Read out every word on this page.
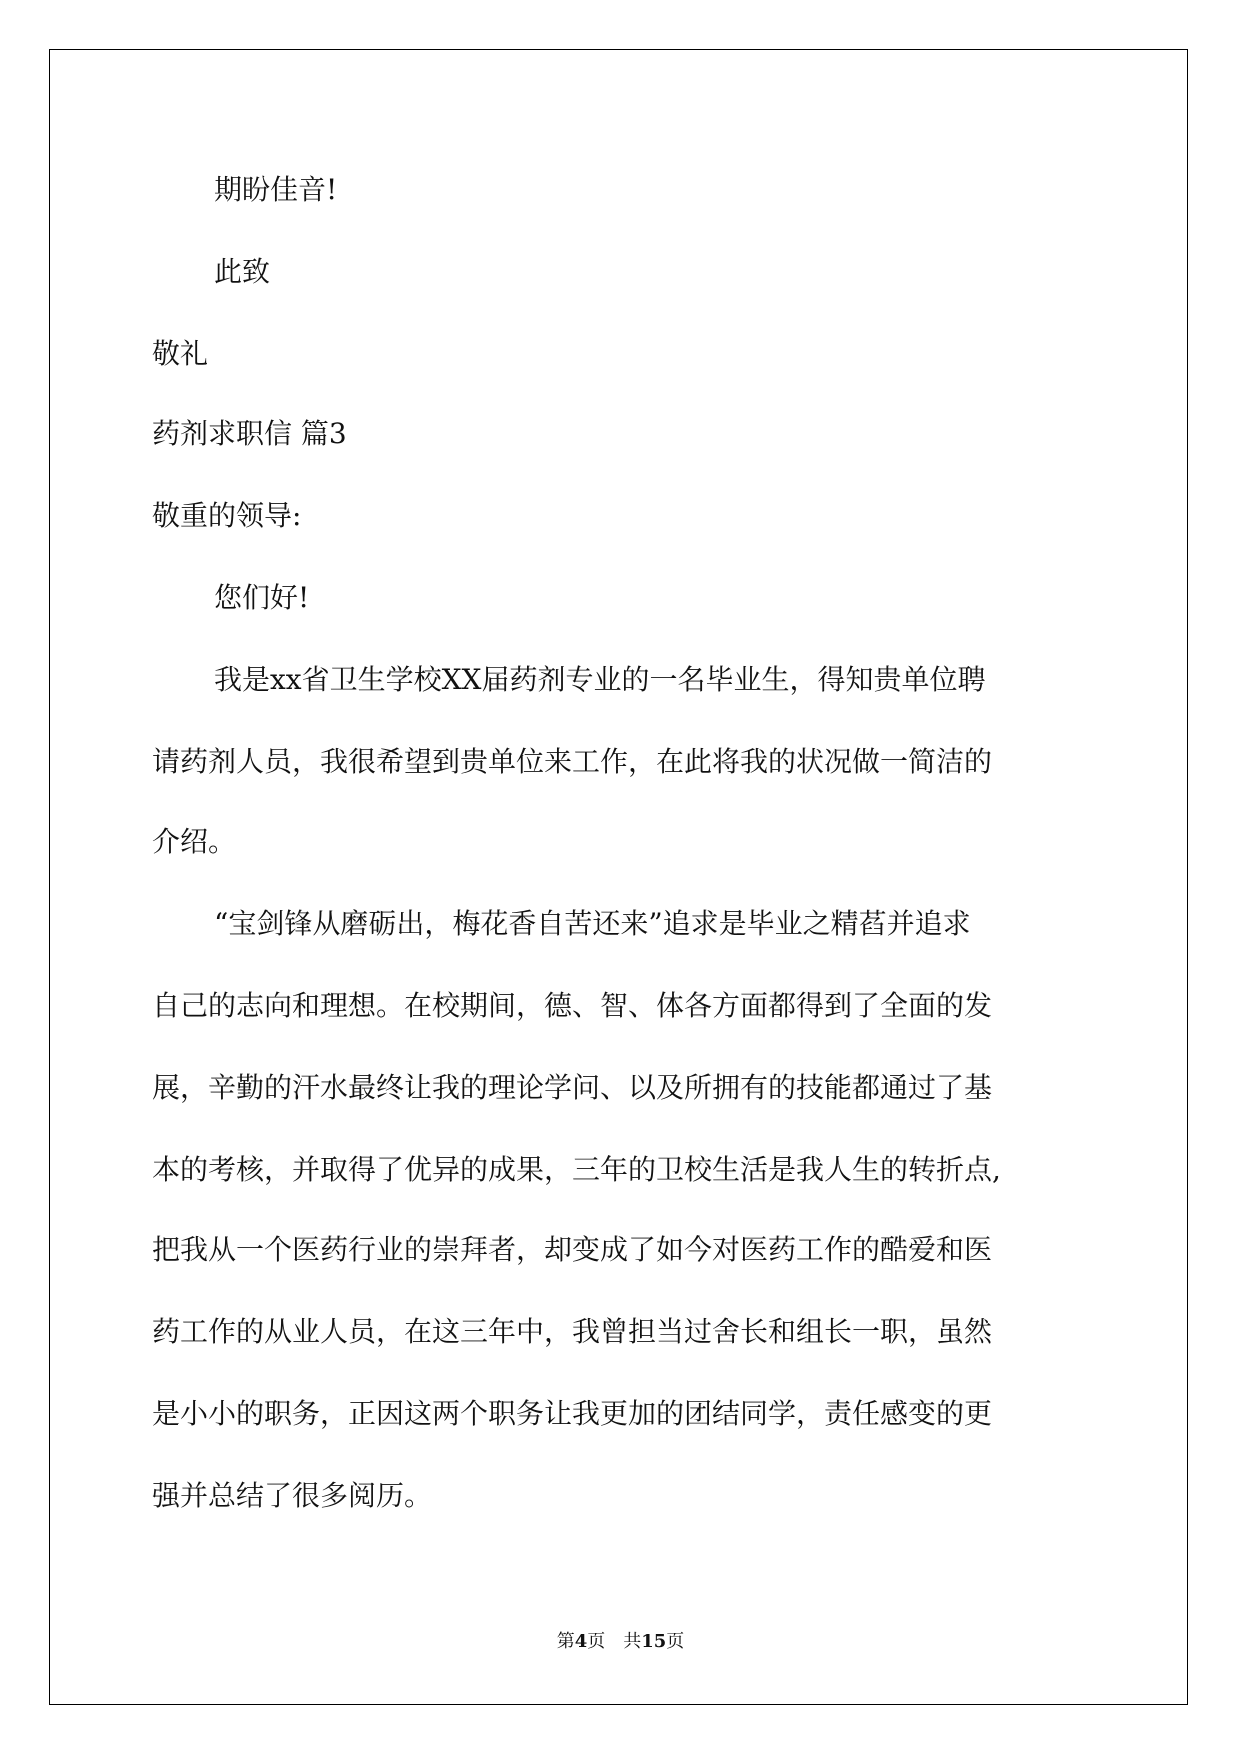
期盼佳音!
此致
敬礼
药剂求职信 篇3
敬重的领导:
您们好!
我是xx省卫生学校XX届药剂专业的一名毕业生，得知贵单位聘
请药剂人员，我很希望到贵单位来工作，在此将我的状况做一简洁的
介绍。
“宝剑锋从磨砺出，梅花香自苦还来”追求是毕业之精萏并追求
自己的志向和理想。在校期间，德、智、体各方面都得到了全面的发
展，辛勤的汗水最终让我的理论学问、以及所拥有的技能都通过了基
本的考核，并取得了优异的成果，三年的卫校生活是我人生的转折点,
把我从一个医药行业的崇拜者，却变成了如今对医药工作的酷爱和医
药工作的从业人员，在这三年中，我曾担当过舍长和组长一职，虽然
是小小的职务，正因这两个职务让我更加的团结同学，责任感变的更
强并总结了很多阅历。
第4页　共15页
